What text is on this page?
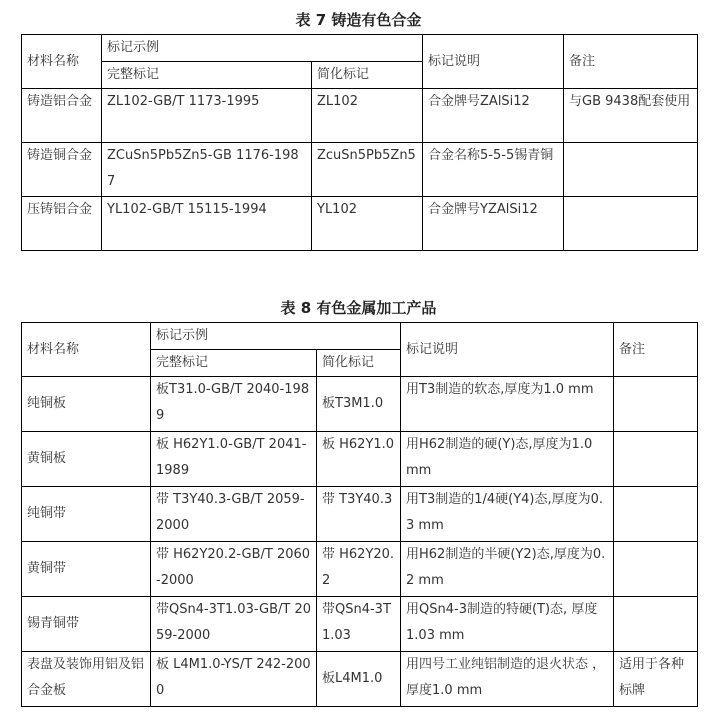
表 7 铸造有色合金
材料名称	标记示例		标记说明	备注
	完整标记	简化标记		
铸造铝合金	ZL102-GB/T 1173-1995	ZL102	合金牌号ZAlSi12	与GB 9438配套使用
铸造铜合金	ZCuSn5Pb5Zn5-GB 1176-1987	ZcuSn5Pb5Zn5	合金名称5-5-5锡青铜	
压铸铝合金	YL102-GB/T 15115-1994	YL102	合金牌号YZAlSi12	
表 8 有色金属加工产品
材料名称	标记示例		标记说明	备注
	完整标记	简化标记		
纯铜板	板T31.0-GB/T 2040-1989	板T3M1.0	用T3制造的软态,厚度为1.0 mm	
黄铜板	板 H62Y1.0-GB/T 2041-1989	板 H62Y1.0	用H62制造的硬(Y)态,厚度为1.0 mm	
纯铜带	带 T3Y40.3-GB/T 2059-2000	带 T3Y40.3	用T3制造的1/4硬(Y4)态,厚度为0.3 mm	
黄铜带	带 H62Y20.2-GB/T 2060-2000	带 H62Y20.2	用H62制造的半硬(Y2)态,厚度为0.2 mm	
锡青铜带	带QSn4-3T1.03-GB/T 2059-2000	带QSn4-3T1.03	用QSn4-3制造的特硬(T)态, 厚度1.03 mm	
表盘及装饰用铝及铝合金板	板 L4M1.0-YS/T 242-2000	板L4M1.0	用四号工业纯铝制造的退火状态 ，厚度1.0 mm	适用于各种标牌
